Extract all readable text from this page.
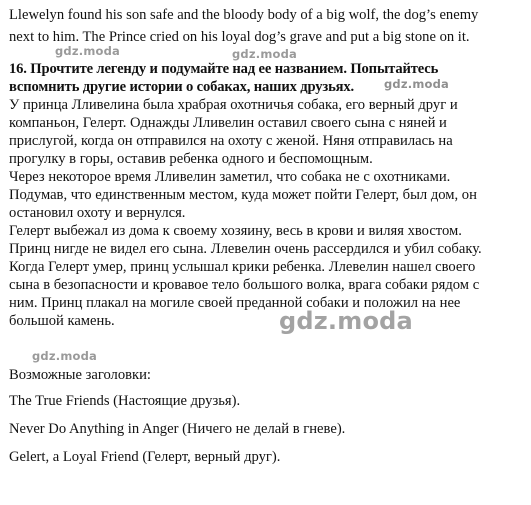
Llewelyn found his son safe and the bloody body of a big wolf, the dog’s enemy
next to him. The Prince cried on his loyal dog’s grave and put a big stone on it.
gdz.moda	gdz.moda
16. Прочтите легенду и подумайте над ее названием. Попытайтесь
вспомнить другие истории о собаках, наших друзьях.	gdz.moda
У принца Лливелина была храбрая охотничья собака, его верный друг и
компаньон, Гелерт. Однажды Лливелин оставил своего сына с няней и
прислугой, когда он отправился на охоту с женой. Няня отправилась на
прогулку в горы, оставив ребенка одного и беспомощным.
Через некоторое время Лливелин заметил, что собака не с охотниками.
Подумав, что единственным местом, куда может пойти Гелерт, был дом, он
остановил охоту и вернулся.
Гелерт выбежал из дома к своему хозяину, весь в крови и виляя хвостом.
Принц нигде не видел его сына. Ллевелин очень рассердился и убил собаку.
Когда Гелерт умер, принц услышал крики ребенка. Ллевелин нашел своего
сына в безопасности и кровавое тело большого волка, врага собаки рядом с
ним. Принц плакал на могиле своей преданной собаки и положил на нее
большой камень.	gdz.moda
gdz.moda
Возможные заголовки:
The True Friends (Настоящие друзья).
Never Do Anything in Anger (Ничего не делай в гневе).
Gelert, a Loyal Friend (Гелерт, верный друг).
